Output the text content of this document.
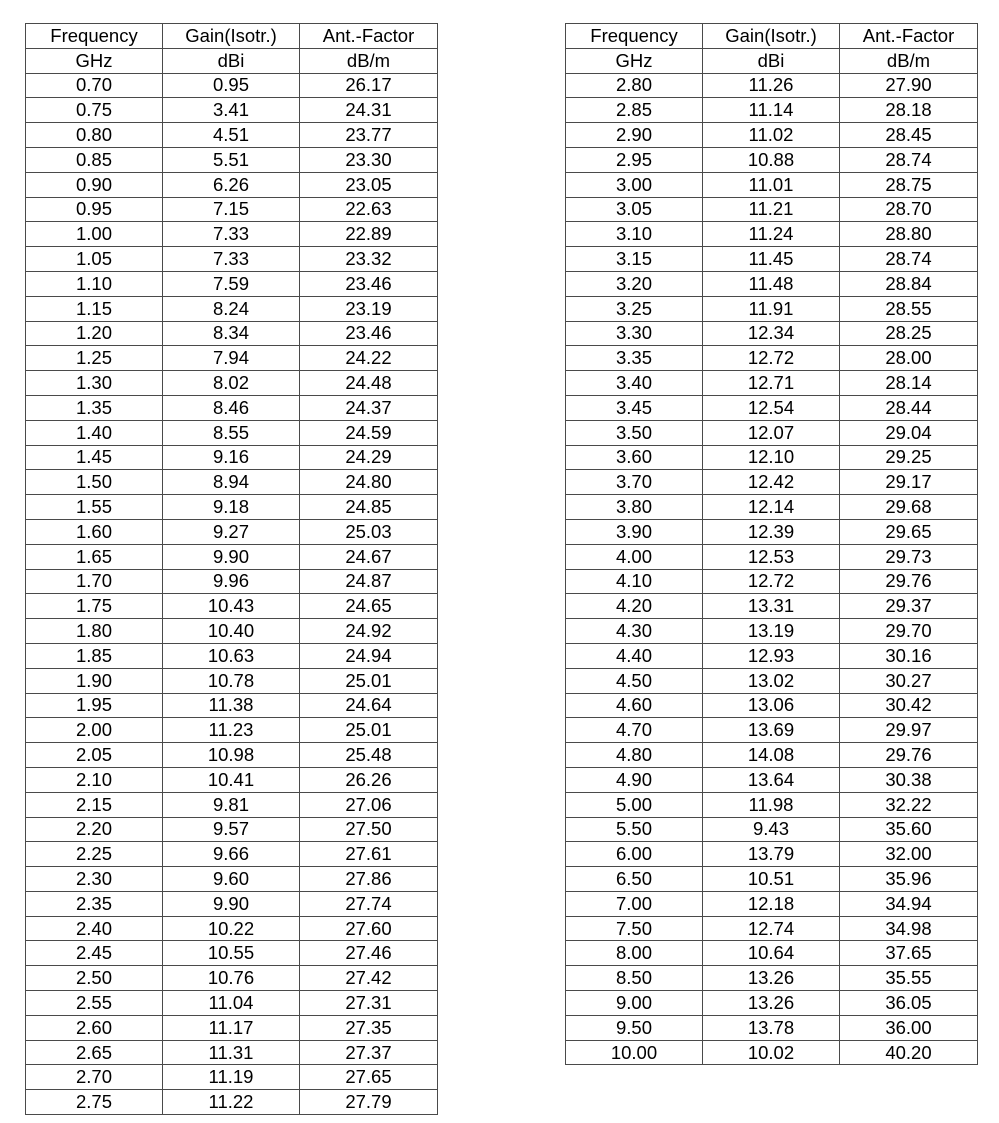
Frequency	Gain(Isotr.)	Ant.-Factor
GHz	dBi	dB/m
0.70	0.95	26.17
0.75	3.41	24.31
0.80	4.51	23.77
0.85	5.51	23.30
0.90	6.26	23.05
0.95	7.15	22.63
1.00	7.33	22.89
1.05	7.33	23.32
1.10	7.59	23.46
1.15	8.24	23.19
1.20	8.34	23.46
1.25	7.94	24.22
1.30	8.02	24.48
1.35	8.46	24.37
1.40	8.55	24.59
1.45	9.16	24.29
1.50	8.94	24.80
1.55	9.18	24.85
1.60	9.27	25.03
1.65	9.90	24.67
1.70	9.96	24.87
1.75	10.43	24.65
1.80	10.40	24.92
1.85	10.63	24.94
1.90	10.78	25.01
1.95	11.38	24.64
2.00	11.23	25.01
2.05	10.98	25.48
2.10	10.41	26.26
2.15	9.81	27.06
2.20	9.57	27.50
2.25	9.66	27.61
2.30	9.60	27.86
2.35	9.90	27.74
2.40	10.22	27.60
2.45	10.55	27.46
2.50	10.76	27.42
2.55	11.04	27.31
2.60	11.17	27.35
2.65	11.31	27.37
2.70	11.19	27.65
2.75	11.22	27.79
Frequency	Gain(Isotr.)	Ant.-Factor
GHz	dBi	dB/m
2.80	11.26	27.90
2.85	11.14	28.18
2.90	11.02	28.45
2.95	10.88	28.74
3.00	11.01	28.75
3.05	11.21	28.70
3.10	11.24	28.80
3.15	11.45	28.74
3.20	11.48	28.84
3.25	11.91	28.55
3.30	12.34	28.25
3.35	12.72	28.00
3.40	12.71	28.14
3.45	12.54	28.44
3.50	12.07	29.04
3.60	12.10	29.25
3.70	12.42	29.17
3.80	12.14	29.68
3.90	12.39	29.65
4.00	12.53	29.73
4.10	12.72	29.76
4.20	13.31	29.37
4.30	13.19	29.70
4.40	12.93	30.16
4.50	13.02	30.27
4.60	13.06	30.42
4.70	13.69	29.97
4.80	14.08	29.76
4.90	13.64	30.38
5.00	11.98	32.22
5.50	9.43	35.60
6.00	13.79	32.00
6.50	10.51	35.96
7.00	12.18	34.94
7.50	12.74	34.98
8.00	10.64	37.65
8.50	13.26	35.55
9.00	13.26	36.05
9.50	13.78	36.00
10.00	10.02	40.20
